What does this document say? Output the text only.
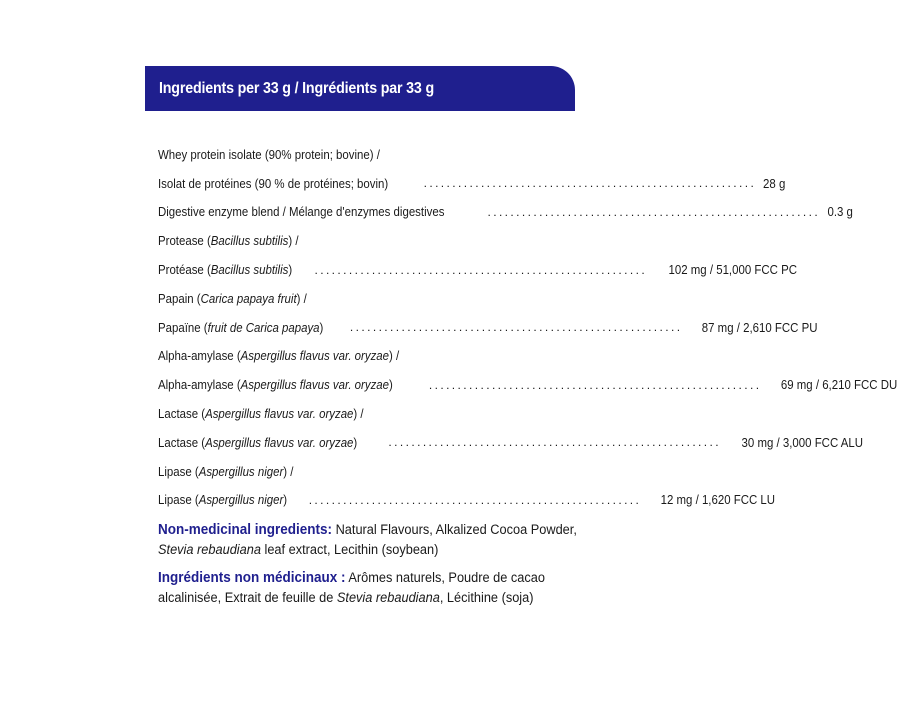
Ingredients per 33 g / Ingrédients par 33 g
Whey protein isolate (90% protein; bovine) /
Isolat de protéines (90 % de protéines; bovin)	.......................................................... 28 g
Digestive enzyme blend / Mélange d'enzymes digestives	.......................................................... 0.3 g
Protease (Bacillus subtilis) /
Protéase (Bacillus subtilis)	..........................................................	102 mg / 51,000 FCC PC
Papain (Carica papaya fruit) /
Papaïne (fruit de Carica papaya)	..........................................................	87 mg / 2,610 FCC PU
Alpha-amylase (Aspergillus flavus var. oryzae) /
Alpha-amylase (Aspergillus flavus var. oryzae)	..........................................................	69 mg / 6,210 FCC DU
Lactase (Aspergillus flavus var. oryzae) /
Lactase (Aspergillus flavus var. oryzae)	..........................................................	30 mg / 3,000 FCC ALU
Lipase (Aspergillus niger) /
Lipase (Aspergillus niger)	..........................................................	12 mg / 1,620 FCC LU

Non-medicinal ingredients: Natural Flavours, Alkalized Cocoa Powder, Stevia rebaudiana leaf extract, Lecithin (soybean)

Ingrédients non médicinaux : Arômes naturels, Poudre de cacao alcalinisée, Extrait de feuille de Stevia rebaudiana, Lécithine (soja)
